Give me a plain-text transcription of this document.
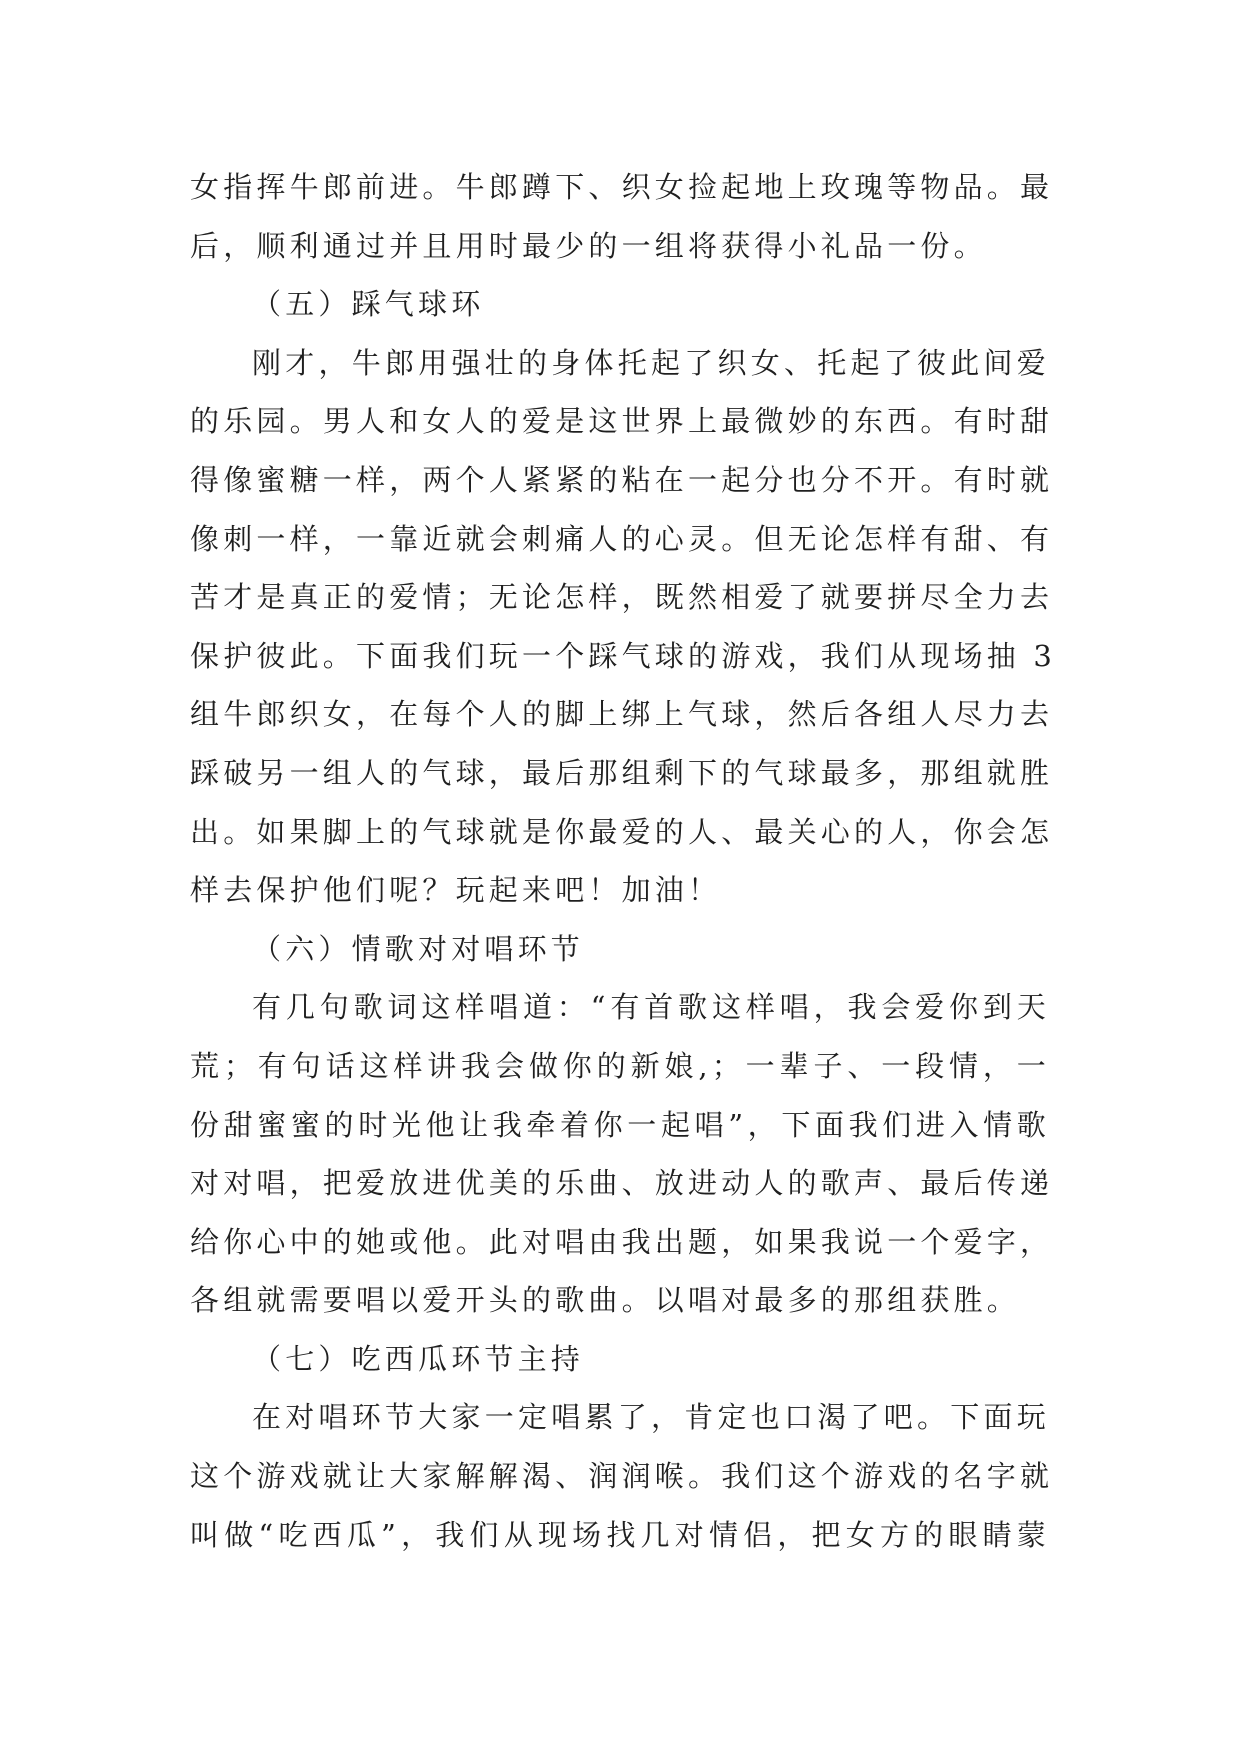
女指挥牛郎前进。牛郎蹲下、织女捡起地上玫瑰等物品。最
后，顺利通过并且用时最少的一组将获得小礼品一份。
（五）踩气球环
刚才，牛郎用强壮的身体托起了织女、托起了彼此间爱
的乐园。男人和女人的爱是这世界上最微妙的东西。有时甜
得像蜜糖一样，两个人紧紧的粘在一起分也分不开。有时就
像刺一样，一靠近就会刺痛人的心灵。但无论怎样有甜、有
苦才是真正的爱情；无论怎样，既然相爱了就要拼尽全力去
保护彼此。下面我们玩一个踩气球的游戏，我们从现场抽 3
组牛郎织女，在每个人的脚上绑上气球，然后各组人尽力去
踩破另一组人的气球，最后那组剩下的气球最多，那组就胜
出。如果脚上的气球就是你最爱的人、最关心的人，你会怎
样去保护他们呢？玩起来吧！加油！
（六）情歌对对唱环节
有几句歌词这样唱道：“有首歌这样唱，我会爱你到天
荒；有句话这样讲我会做你的新娘,；一辈子、一段情，一
份甜蜜蜜的时光他让我牵着你一起唱”，下面我们进入情歌
对对唱，把爱放进优美的乐曲、放进动人的歌声、最后传递
给你心中的她或他。此对唱由我出题，如果我说一个爱字，
各组就需要唱以爱开头的歌曲。以唱对最多的那组获胜。
（七）吃西瓜环节主持
在对唱环节大家一定唱累了，肯定也口渴了吧。下面玩
这个游戏就让大家解解渴、润润喉。我们这个游戏的名字就
叫做“吃西瓜”，我们从现场找几对情侣，把女方的眼睛蒙
